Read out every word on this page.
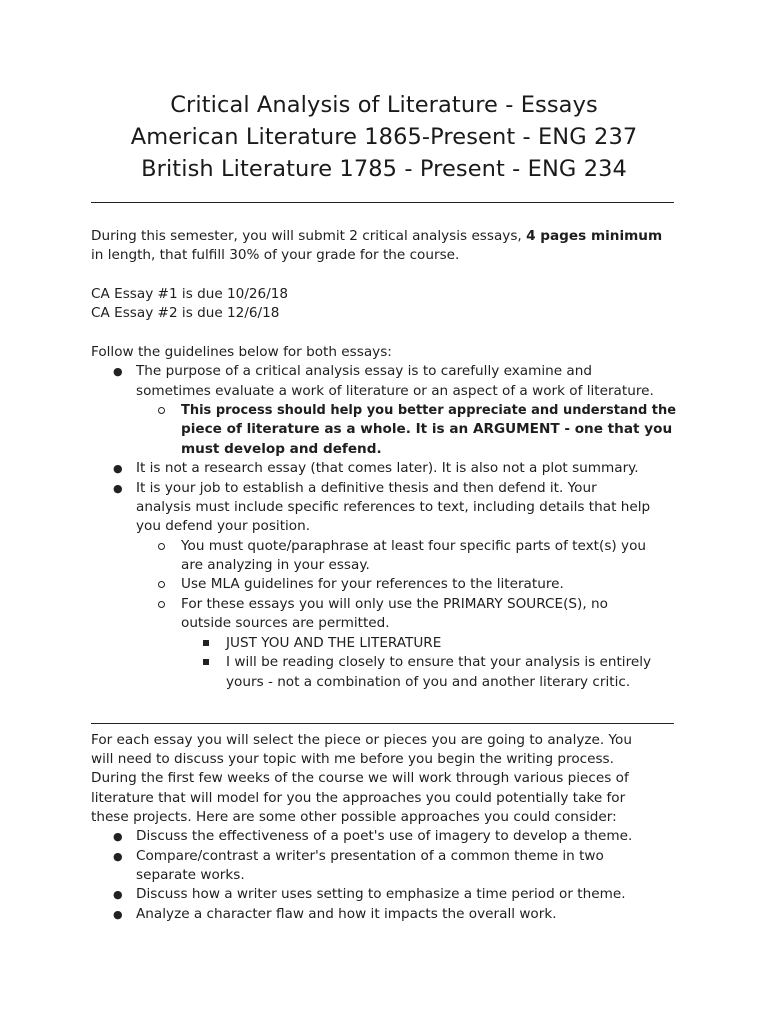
Critical Analysis of Literature - Essays
American Literature 1865-Present - ENG 237
British Literature 1785 - Present - ENG 234
During this semester, you will submit 2 critical analysis essays, 4 pages minimum
in length, that fulfill 30% of your grade for the course.
CA Essay #1 is due 10/26/18
CA Essay #2 is due 12/6/18
Follow the guidelines below for both essays:
● The purpose of a critical analysis essay is to carefully examine and
sometimes evaluate a work of literature or an aspect of a work of literature.
This process should help you better appreciate and understand the
piece of literature as a whole. It is an ARGUMENT - one that you
must develop and defend.
● It is not a research essay (that comes later). It is also not a plot summary.
● It is your job to establish a definitive thesis and then defend it. Your
analysis must include specific references to text, including details that help
you defend your position.
You must quote/paraphrase at least four specific parts of text(s) you
are analyzing in your essay.
Use MLA guidelines for your references to the literature.
For these essays you will only use the PRIMARY SOURCE(S), no
outside sources are permitted.
JUST YOU AND THE LITERATURE
I will be reading closely to ensure that your analysis is entirely
yours - not a combination of you and another literary critic.
For each essay you will select the piece or pieces you are going to analyze. You
will need to discuss your topic with me before you begin the writing process.
During the first few weeks of the course we will work through various pieces of
literature that will model for you the approaches you could potentially take for
these projects. Here are some other possible approaches you could consider:
● Discuss the effectiveness of a poet's use of imagery to develop a theme.
● Compare/contrast a writer's presentation of a common theme in two
separate works.
● Discuss how a writer uses setting to emphasize a time period or theme.
● Analyze a character flaw and how it impacts the overall work.
